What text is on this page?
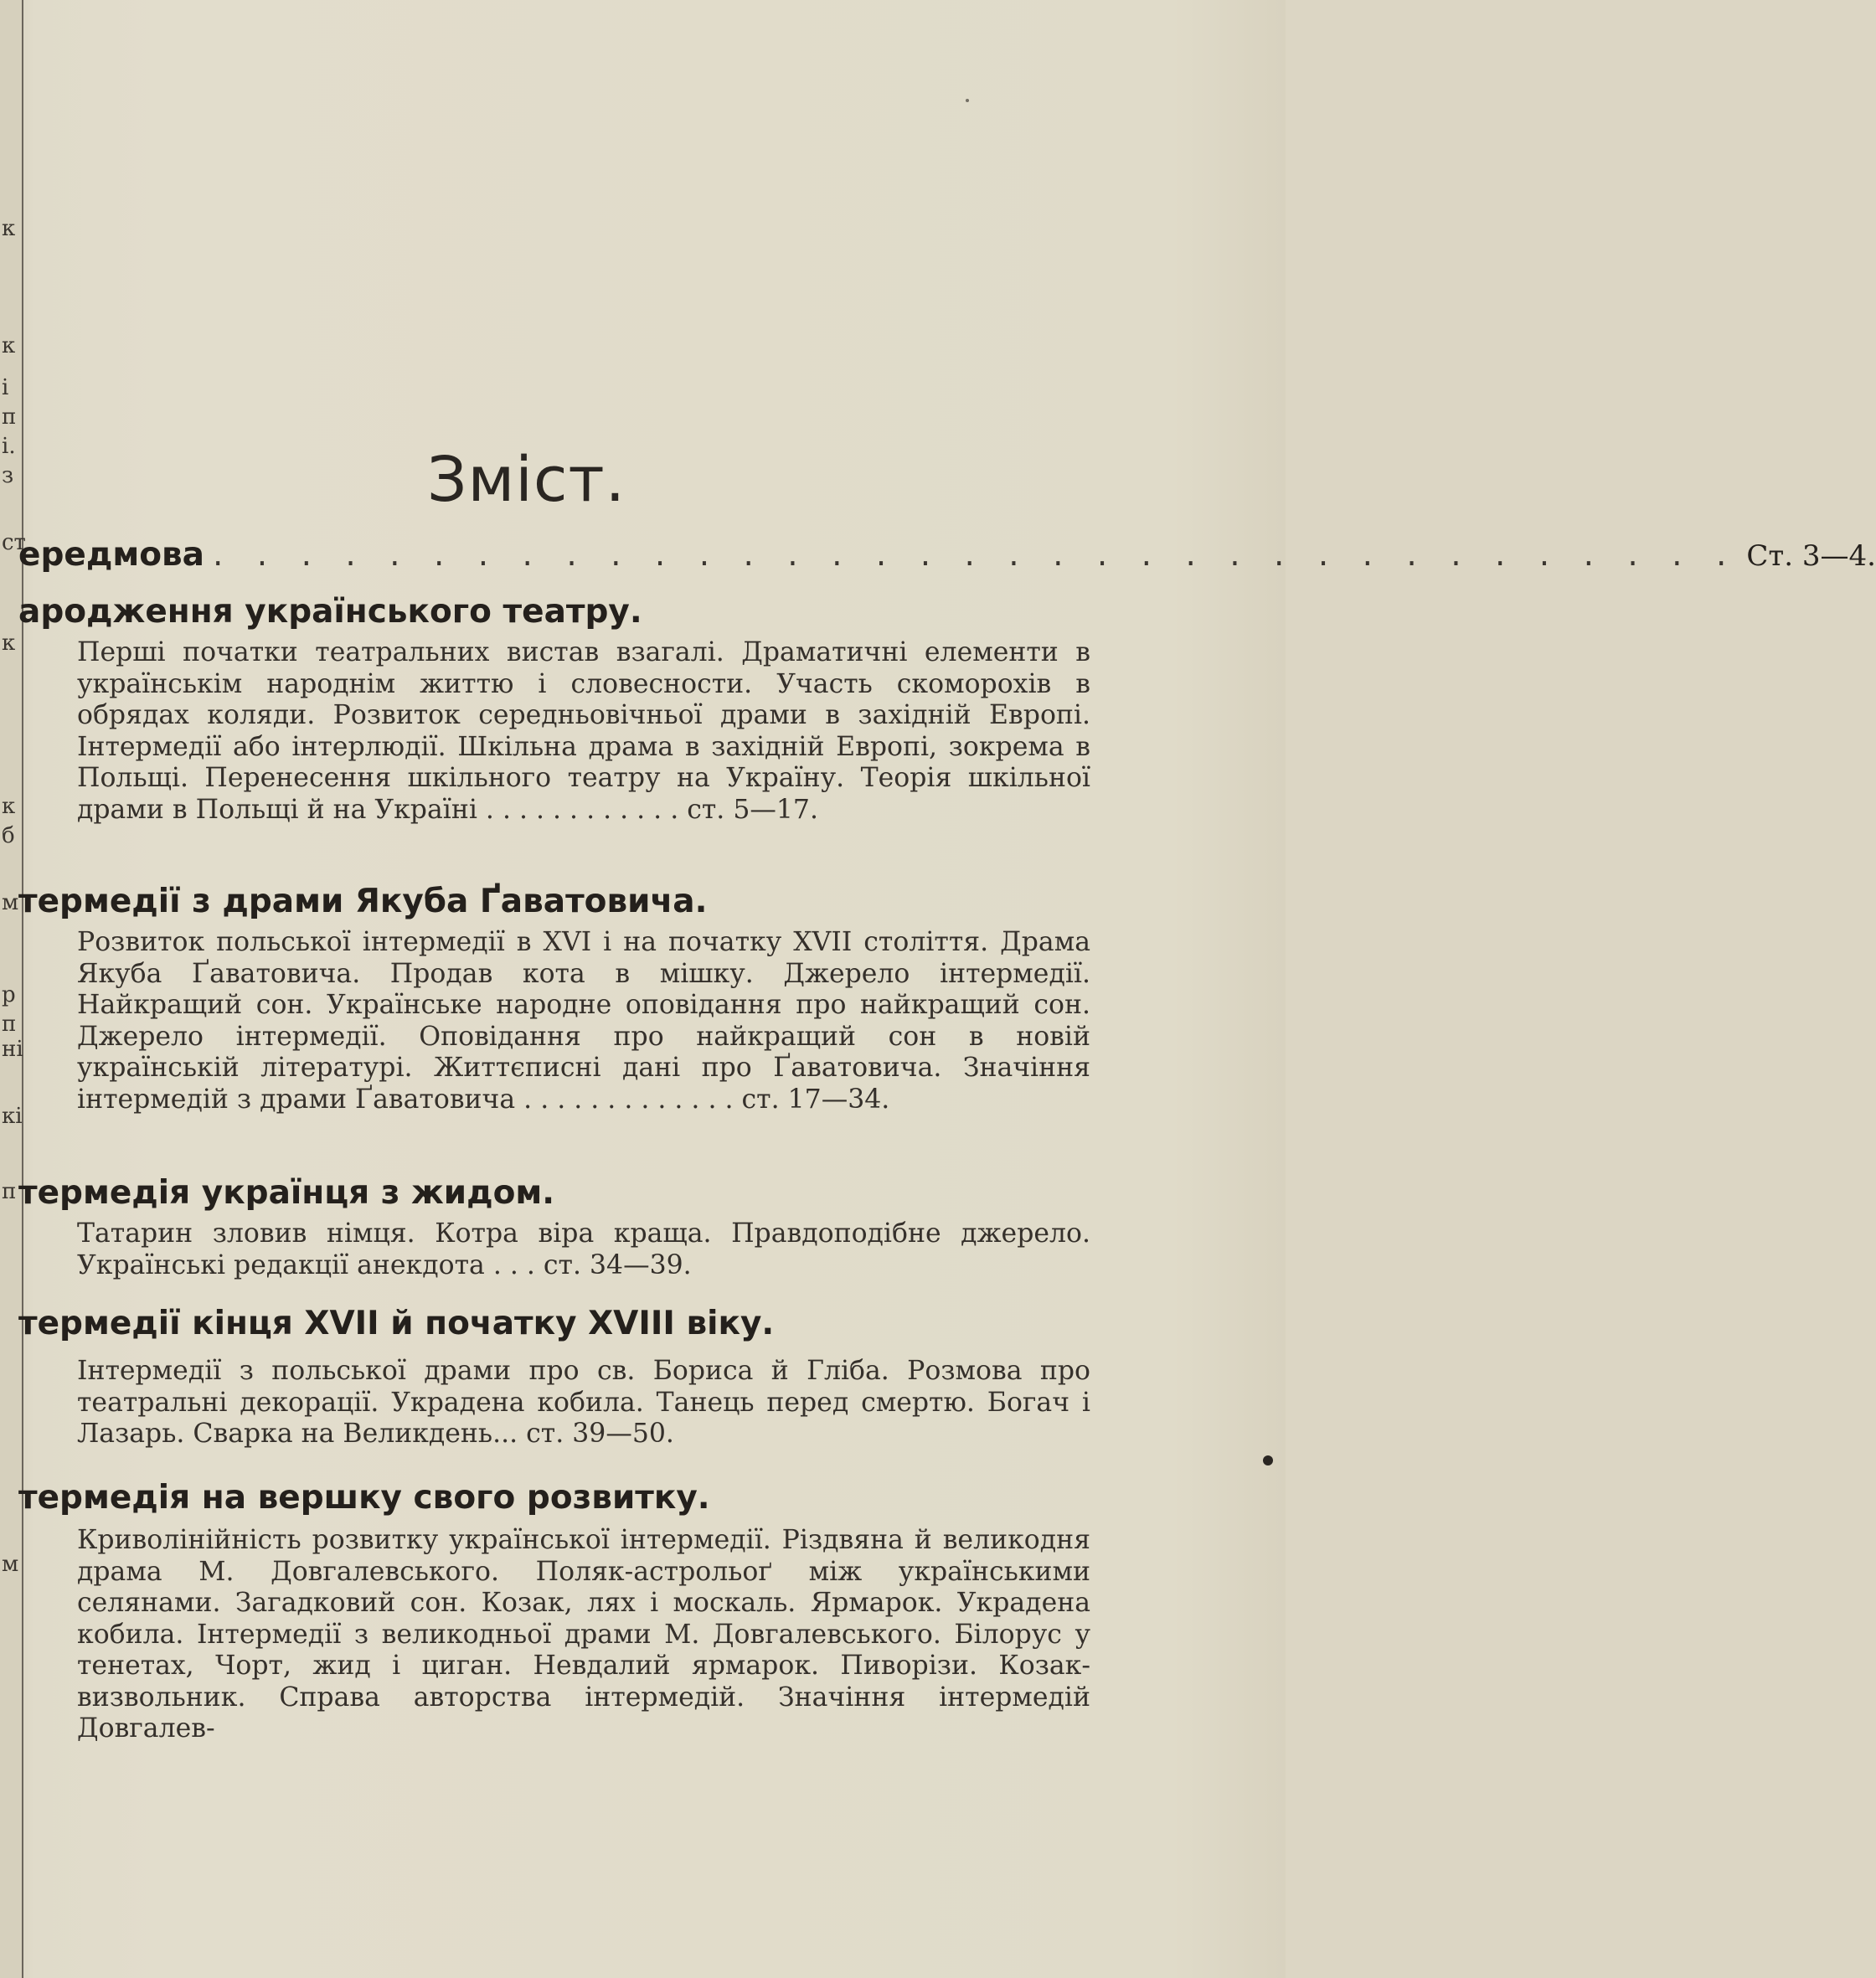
к
к
і
п
і.
з
ст
к
к
б
м
р
п
ні
кі
п
м
Зміст.
ередмова . . . . . . . . . . . . . . . . . . . . . . . . . . . . . . . . . . . Ст. 3—4.
ародження українського театру.
Перші початки театральних вистав взагалі. Драматичні елементи в українськім народнім життю і словесности. Участь скоморохів в обрядах коляди. Розвиток середньовічньої драми в західній Европі. Інтермедії або інтерлюдії. Шкільна драма в західній Европі, зокрема в Польщі. Перенесення шкільного театру на Україну. Теорія шкільної драми в Польщі й на Україні . . . . . . . . . . . . ст. 5—17.
термедії з драми Якуба Ґаватовича.
Розвиток польської інтермедії в XVI і на початку XVII століття. Драма Якуба Ґаватовича. Продав кота в мішку. Джерело інтермедії. Найкращий сон. Українське народне оповідання про найкращий сон. Джерело інтермедії. Оповідання про найкращий сон в новій українській літературі. Життєписні дані про Ґаватовича. Значіння інтермедій з драми Ґаватовича . . . . . . . . . . . . . ст. 17—34.
термедія українця з жидом.
Татарин зловив німця. Котра віра краща. Правдоподібне джерело. Українські редакції анекдота . . . ст. 34—39.
термедії кінця XVII й початку XVIII віку.
Інтермедії з польської драми про св. Бориса й Гліба. Розмова про театральні декорації. Украдена кобила. Танець перед смертю. Богач і Лазарь. Сварка на Великдень... ст. 39—50.
термедія на вершку свого розвитку.
Криволінійність розвитку української інтермедії. Різдвяна й великодня драма М. Довгалевського. Поляк-астрольоґ між українськими селянами. Загадковий сон. Козак, лях і москаль. Ярмарок. Украдена кобила. Інтермедії з великодньої драми М. Довгалевського. Білорус у тенетах, Чорт, жид і циган. Невдалий ярмарок. Пиворізи. Козак-визвольник. Справа авторства інтермедій. Значіння інтермедій Довгалев-
